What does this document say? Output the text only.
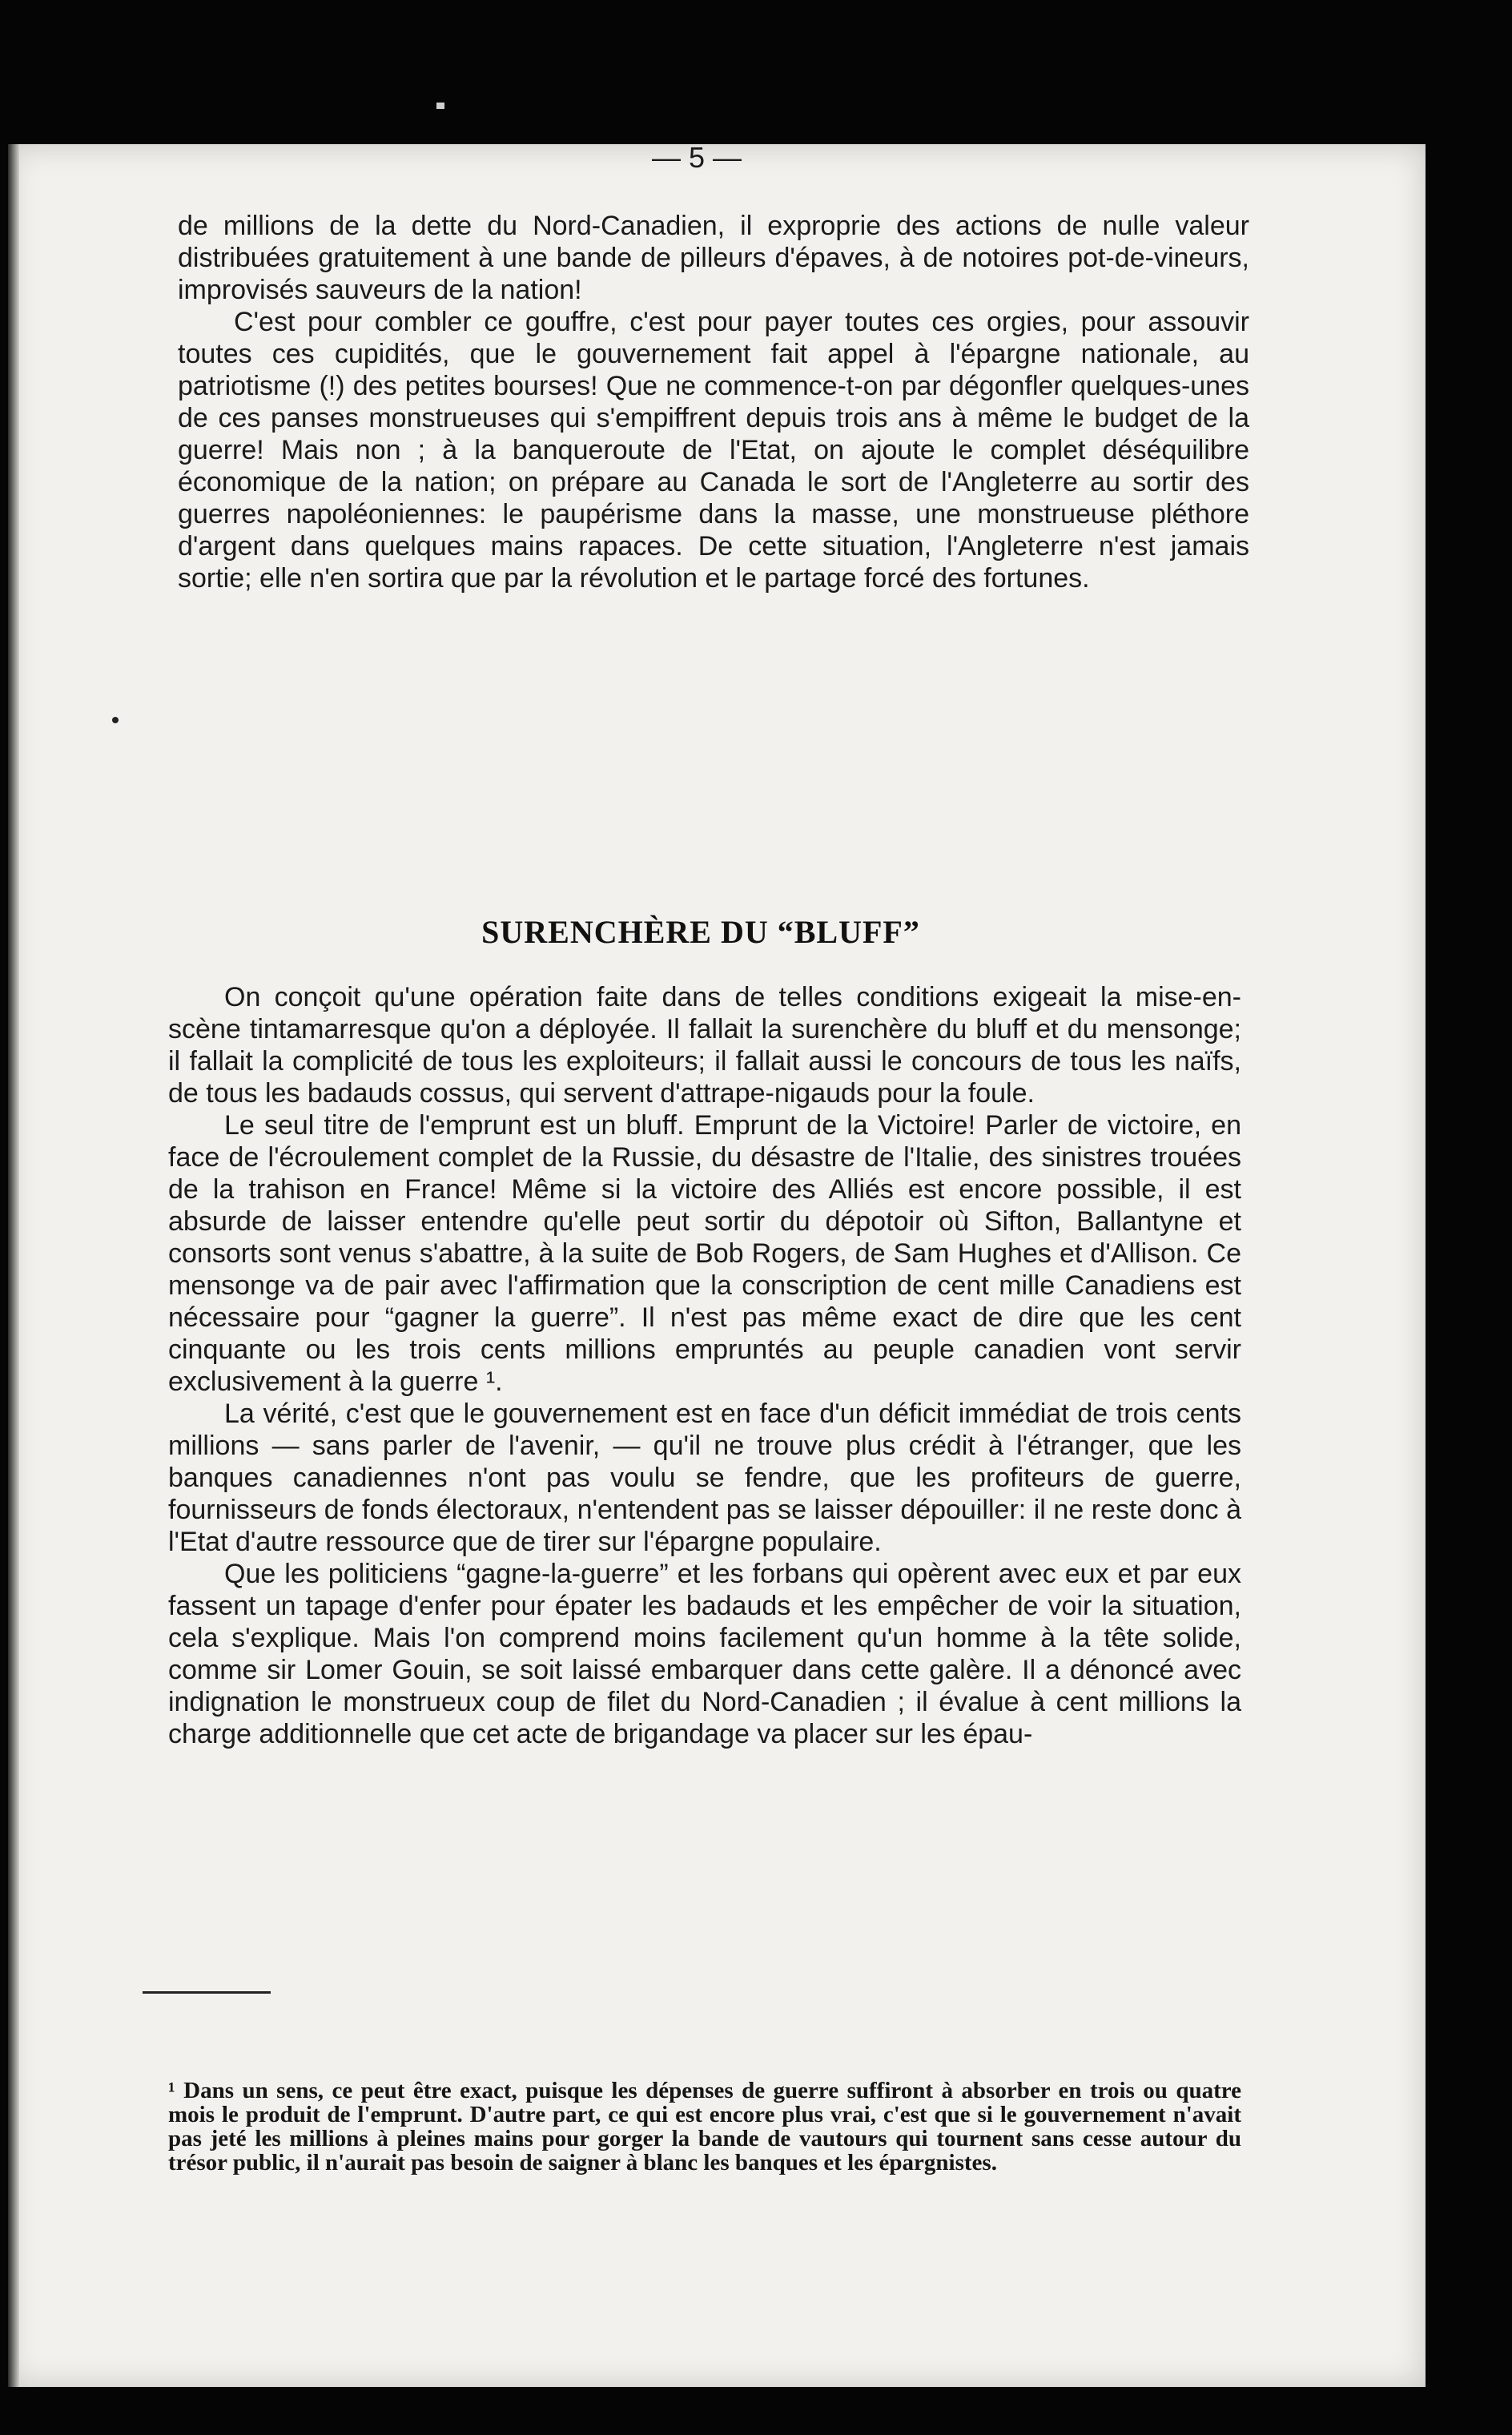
— 5 —

de millions de la dette du Nord-Canadien, il exproprie des actions de nulle valeur distribuées gratuitement à une bande de pilleurs d'épaves, à de notoires pot-de-vineurs, improvisés sauveurs de la nation!

C'est pour combler ce gouffre, c'est pour payer toutes ces orgies, pour assouvir toutes ces cupidités, que le gouvernement fait appel à l'épargne nationale, au patriotisme (!) des petites bourses! Que ne commence-t-on par dégonfler quelques-unes de ces panses monstrueuses qui s'empiffrent depuis trois ans à même le budget de la guerre! Mais non ; à la banqueroute de l'Etat, on ajoute le complet déséquilibre économique de la nation; on prépare au Canada le sort de l'Angleterre au sortir des guerres napoléoniennes: le paupérisme dans la masse, une monstrueuse pléthore d'argent dans quelques mains rapaces. De cette situation, l'Angleterre n'est jamais sortie; elle n'en sortira que par la révolution et le partage forcé des fortunes.

SURENCHÈRE DU “BLUFF”

On conçoit qu'une opération faite dans de telles conditions exigeait la mise-en-scène tintamarresque qu'on a déployée. Il fallait la surenchère du bluff et du mensonge; il fallait la complicité de tous les exploiteurs; il fallait aussi le concours de tous les naïfs, de tous les badauds cossus, qui servent d'attrape-nigauds pour la foule.

Le seul titre de l'emprunt est un bluff. Emprunt de la Victoire! Parler de victoire, en face de l'écroulement complet de la Russie, du désastre de l'Italie, des sinistres trouées de la trahison en France! Même si la victoire des Alliés est encore possible, il est absurde de laisser entendre qu'elle peut sortir du dépotoir où Sifton, Ballantyne et consorts sont venus s'abattre, à la suite de Bob Rogers, de Sam Hughes et d'Allison. Ce mensonge va de pair avec l'affirmation que la conscription de cent mille Canadiens est nécessaire pour “gagner la guerre”. Il n'est pas même exact de dire que les cent cinquante ou les trois cents millions empruntés au peuple canadien vont servir exclusivement à la guerre ¹.

La vérité, c'est que le gouvernement est en face d'un déficit immédiat de trois cents millions — sans parler de l'avenir, — qu'il ne trouve plus crédit à l'étranger, que les banques canadiennes n'ont pas voulu se fendre, que les profiteurs de guerre, fournisseurs de fonds électoraux, n'entendent pas se laisser dépouiller: il ne reste donc à l'Etat d'autre ressource que de tirer sur l'épargne populaire.

Que les politiciens “gagne-la-guerre” et les forbans qui opèrent avec eux et par eux fassent un tapage d'enfer pour épater les badauds et les empêcher de voir la situation, cela s'explique. Mais l'on comprend moins facilement qu'un homme à la tête solide, comme sir Lomer Gouin, se soit laissé embarquer dans cette galère. Il a dénoncé avec indignation le monstrueux coup de filet du Nord-Canadien ; il évalue à cent millions la charge additionnelle que cet acte de brigandage va placer sur les épau-

¹ Dans un sens, ce peut être exact, puisque les dépenses de guerre suffiront à absorber en trois ou quatre mois le produit de l'emprunt. D'autre part, ce qui est encore plus vrai, c'est que si le gouvernement n'avait pas jeté les millions à pleines mains pour gorger la bande de vautours qui tournent sans cesse autour du trésor public, il n'aurait pas besoin de saigner à blanc les banques et les épargnistes.
